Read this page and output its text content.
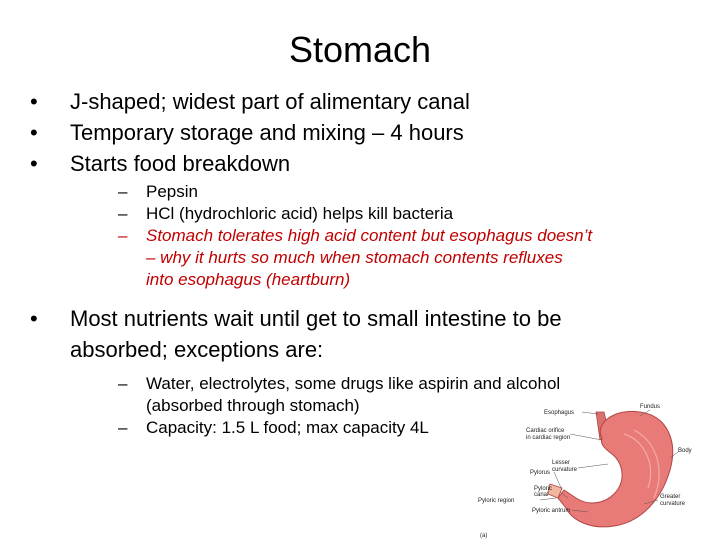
Stomach
• J-shaped; widest part of alimentary canal
• Temporary storage and mixing – 4 hours
• Starts food breakdown
– Pepsin
– HCl (hydrochloric acid) helps kill bacteria
– Stomach tolerates high acid content but esophagus doesn’t
– why it hurts so much when stomach contents refluxes
into esophagus (heartburn)
• Most nutrients wait until get to small intestine to be
absorbed; exceptions are:
– Water, electrolytes, some drugs like aspirin and alcohol
(absorbed through stomach)
– Capacity: 1.5 L food; max capacity 4L
Esophagus
Fundus
Cardiac orifice
in cardiac region
Body
Lesser
curvature
Pylorus
Pyloric
canal
Pyloric region
Pyloric antrum
Greater
curvature
(a)
